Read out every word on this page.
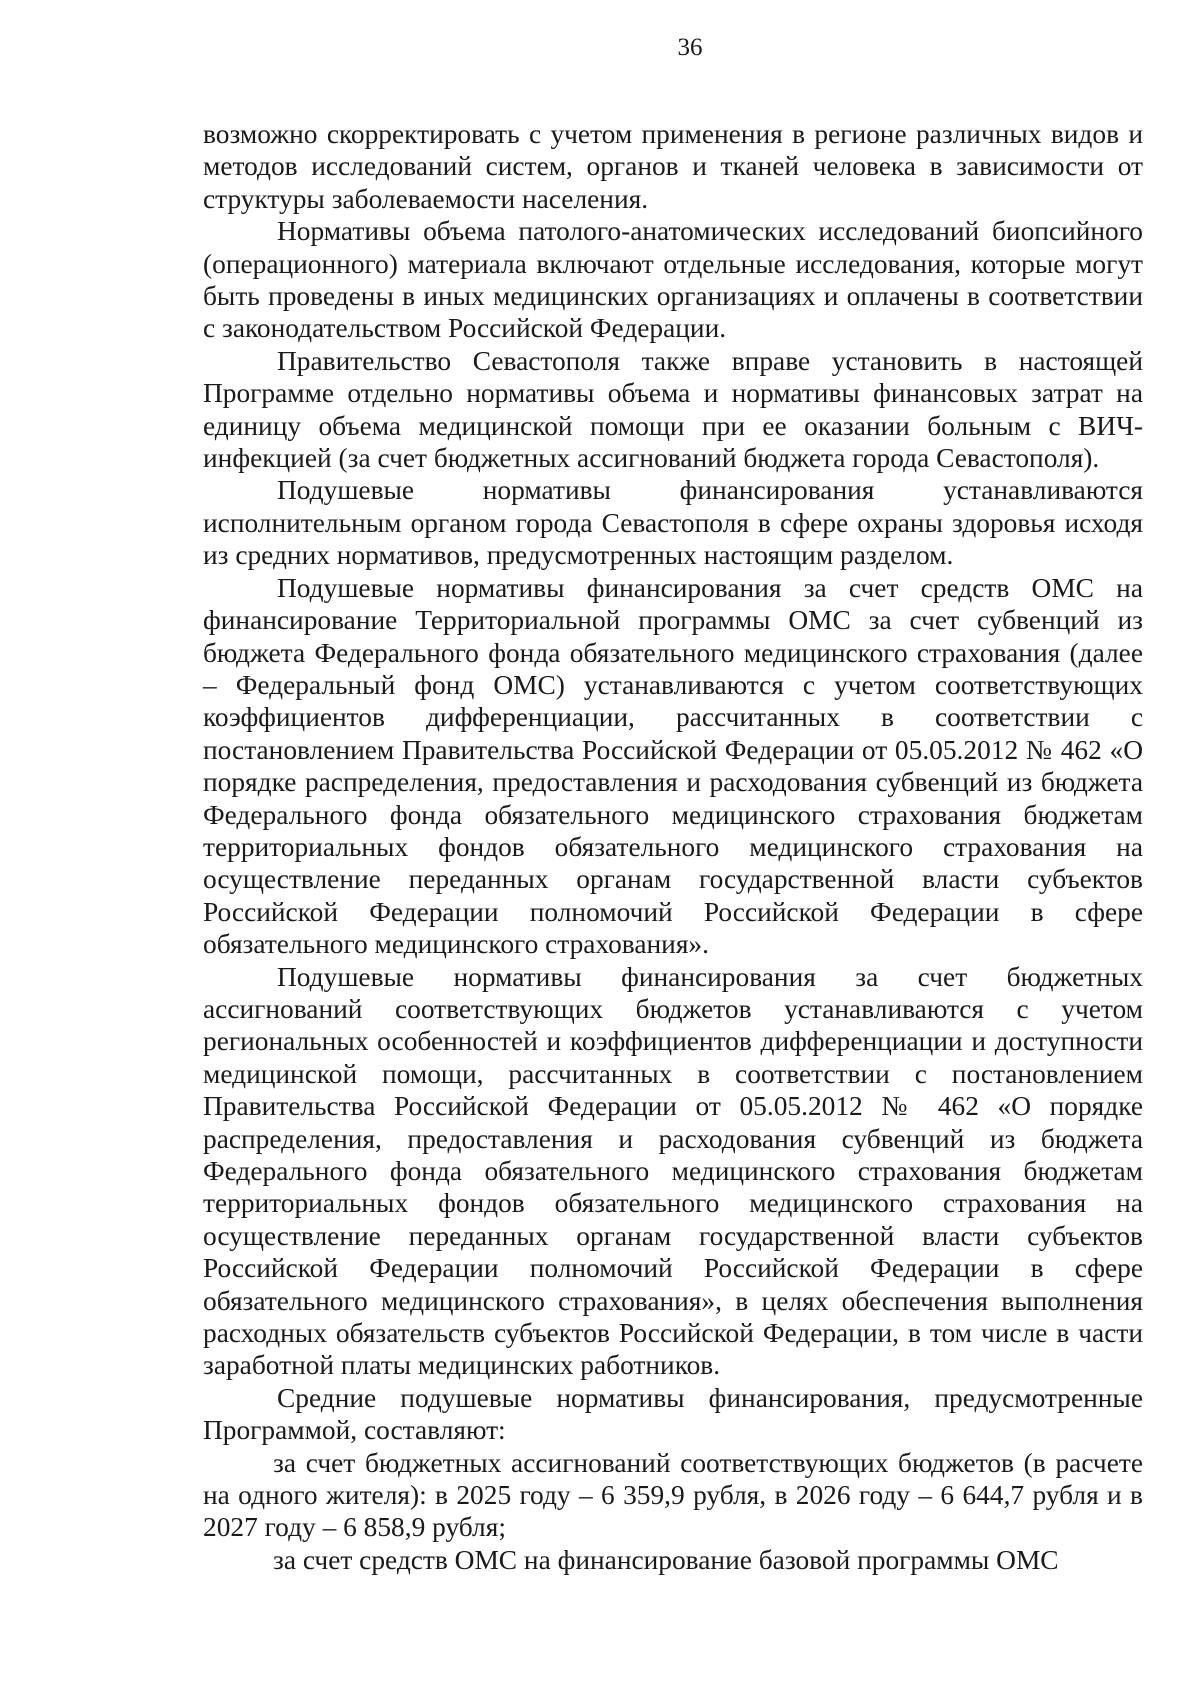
36

возможно скорректировать с учетом применения в регионе различных видов и методов исследований систем, органов и тканей человека в зависимости от структуры заболеваемости населения.

Нормативы объема патолого-анатомических исследований биопсийного (операционного) материала включают отдельные исследования, которые могут быть проведены в иных медицинских организациях и оплачены в соответствии с законодательством Российской Федерации.

Правительство Севастополя также вправе установить в настоящей Программе отдельно нормативы объема и нормативы финансовых затрат на единицу объема медицинской помощи при ее оказании больным с ВИЧ-инфекцией (за счет бюджетных ассигнований бюджета города Севастополя).

Подушевые нормативы финансирования устанавливаются исполнительным органом города Севастополя в сфере охраны здоровья исходя из средних нормативов, предусмотренных настоящим разделом.

Подушевые нормативы финансирования за счет средств ОМС на финансирование Территориальной программы ОМС за счет субвенций из бюджета Федерального фонда обязательного медицинского страхования (далее – Федеральный фонд ОМС) устанавливаются с учетом соответствующих коэффициентов дифференциации, рассчитанных в соответствии с постановлением Правительства Российской Федерации от 05.05.2012 № 462 «О порядке распределения, предоставления и расходования субвенций из бюджета Федерального фонда обязательного медицинского страхования бюджетам территориальных фондов обязательного медицинского страхования на осуществление переданных органам государственной власти субъектов Российской Федерации полномочий Российской Федерации в сфере обязательного медицинского страхования».

Подушевые нормативы финансирования за счет бюджетных ассигнований соответствующих бюджетов устанавливаются с учетом региональных особенностей и коэффициентов дифференциации и доступности медицинской помощи, рассчитанных в соответствии с постановлением Правительства Российской Федерации от 05.05.2012 № 462 «О порядке распределения, предоставления и расходования субвенций из бюджета Федерального фонда обязательного медицинского страхования бюджетам территориальных фондов обязательного медицинского страхования на осуществление переданных органам государственной власти субъектов Российской Федерации полномочий Российской Федерации в сфере обязательного медицинского страхования», в целях обеспечения выполнения расходных обязательств субъектов Российской Федерации, в том числе в части заработной платы медицинских работников.

Средние подушевые нормативы финансирования, предусмотренные Программой, составляют:

за счет бюджетных ассигнований соответствующих бюджетов (в расчете на одного жителя): в 2025 году – 6 359,9 рубля, в 2026 году – 6 644,7 рубля и в 2027 году – 6 858,9 рубля;

за счет средств ОМС на финансирование базовой программы ОМС
